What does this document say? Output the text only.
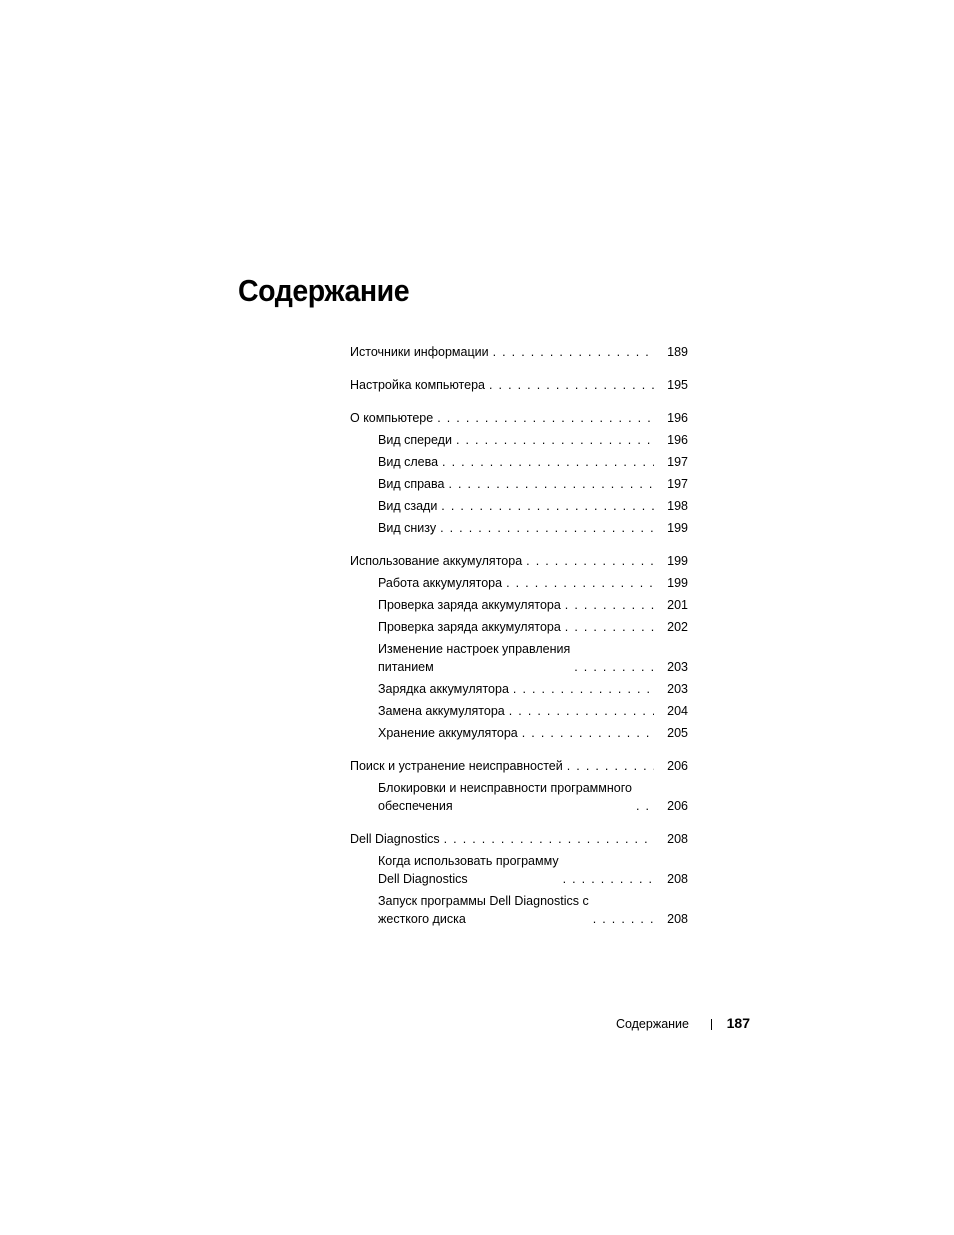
Содержание
Источники информации . . .	189
Настройка компьютера . . .	195
О компьютере . . .	196
Вид спереди . . .	196
Вид слева . . .	197
Вид справа . . .	197
Вид сзади . . .	198
Вид снизу . . .	199
Использование аккумулятора . . .	199
Работа аккумулятора . . .	199
Проверка заряда аккумулятора . . .	201
Проверка заряда аккумулятора . . .	202
Изменение настроек управления
питанием . . .	203
Зарядка аккумулятора . . .	203
Замена аккумулятора . . .	204
Хранение аккумулятора . . .	205
Поиск и устранение неисправностей . . .	206
Блокировки и неисправности программного
обеспечения . . .	206
Dell Diagnostics . . .	208
Когда использовать программу
Dell Diagnostics . . .	208
Запуск программы Dell Diagnostics с
жесткого диска . . .	208
Содержание	187
